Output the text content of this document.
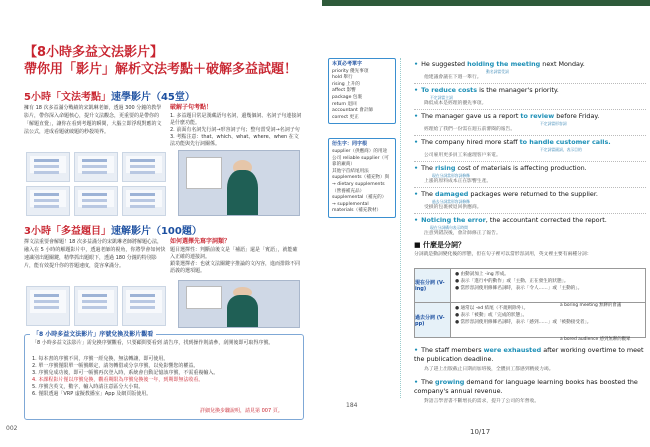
【8小時多益文法影片】
帶你用「影片」解析文法考點＋破解多益試題！
5小時「文法考點」速學影片（45堂）
擁有 18 次多益滿分戰績的宋凱琳老師，透過 300 分鐘的教學影片，帶你深入命題核心，提升文法觀念，更重要的是帶你的「解題直覺」，讓你在看到考題的瞬間，大腦立即浮現對應的文法公式，達成看題就破題的秒殺境界。
破解子句考點！
1. 多益題目常是漢藏語句名詞，邊幾個詞、名詞子句連接詞是什麼功能。
2. 前面有名詞先行詞→形容詞子句；整句當受詞→名詞子句
3. 考點注意：that、which、what、where、when 在文法功能與先行詞關係。
3小時「多益題目」速解影片（100題）
擇文法重要會解題！18 次多益滿分的宋凱琳老師將解題心法，融入在 5 小時的解題影片中，透過老師的視角，你將學會如何快速識別出題關鍵，精準抓出題眼下，透過 180 分鐘的特別影片，能有效提升你的答題速度，從容拿滿分。
如何選擇先寫字詞類？
題目選擇性：判斷前後文是「補語」還是「賓語」，就能確入正確的連接詞。
鎖業選擇者：也就文法關鍵字推論的文內容，進而排除不同語義的選項題。
「8 小時多益文法影片」序號兌換及影片觀看
「8 小時多益文法影片」需兌換序號觀看，只要顧問要看到 請告序，找到操作則請參，刮開後即可取得序號。
1. 每本書的序號不同，序號一經兌換，無法轉讓，即可使用。
2. 單一序號僅限單一帳號綁定，請勿轉借或分享序號，以免影響您的權益。
3. 序號兌成功後，即可一帳號再次登入時，系統會自動記憶該序號，不需重複輸入。
4. 本課程影片僅以序號兌換，觀看期限為序號兌換後一年，到期即無法收看。
5. 序號含英文，數字，輸入時請注意區分大小寫。
6. 僅限透過「VRP 虛擬教播室」App 及網頁版使用。
詳細兌換步驟說明，請見第 007 頁。
002
本頁必考單字
priority 優先事項
hold 舉行
rising 上升的
affect 影響
package 包裹
return 退回
accountant 會計師
correct 更正
衍生字：同字根
supplier（供應商）的用途
公司 reliable supplier（可靠的廠商）
其他字首結尾用法
supplements（補充物）與
→ dietary supplements
（營養補充品）
supplemental（補充的）
→ supplemental
materials（補充教材）
• He suggested holding the meeting next Monday.
動名詞當受詞
他建議會議在下週一舉行。
• To reduce costs is the manager's priority.
不定詞當主詞
降低成本是經理的優先事項。
• The manager gave us a report to review before Friday.
不定詞當形容詞
經理給了我們一份需在週五前審閱的報告。
• The company hired more staff to handle customer calls.
不定詞當副詞，表示目的
公司雇用更多員工來處理客戶來電。
• The rising cost of materials is affecting production.
現在分詞當形容詞修飾
上漲的原料成本正在影響生產。
• The damaged packages were returned to the supplier.
過去分詞當形容詞修飾
受損的包裹被退回供應商。
• Noticing the error, the accountant corrected the report.
現在分詞構句表示時間
注意到錯誤後，會計師修正了報告。
■ 什麼是分詞？
分詞就是動詞變化後的形態，但在句子裡可以當形容詞用，英文裡主要有兩種分詞：
現在分詞 (V-ing)
● 由動詞加上 -ing 形成。
● 表示「進行中的動作」或「主動、正在發生的狀態」。
● 當形容詞使用修飾名詞時，表示「令人……」或「主動的」。
過去分詞 (V-pp)
● 通常以 -ed 結尾（不規則除外）。
● 表示「被動」或「完成的狀態」。
● 當形容詞使用修飾名詞時，表示「感到……」或「被動接受者」。
a boring meeting 無聊的會議
a bored audience 感到無聊的觀眾
• The staff members were exhausted after working overtime to meet the publication deadline.
為了趕上出版截止日期而加班後，全體員工都感到精疲力竭。
• The growing demand for language learning books has boosted the company's annual revenue.
對語言學習書不斷增長的需求，提升了公司的年營收。
184
10/17
